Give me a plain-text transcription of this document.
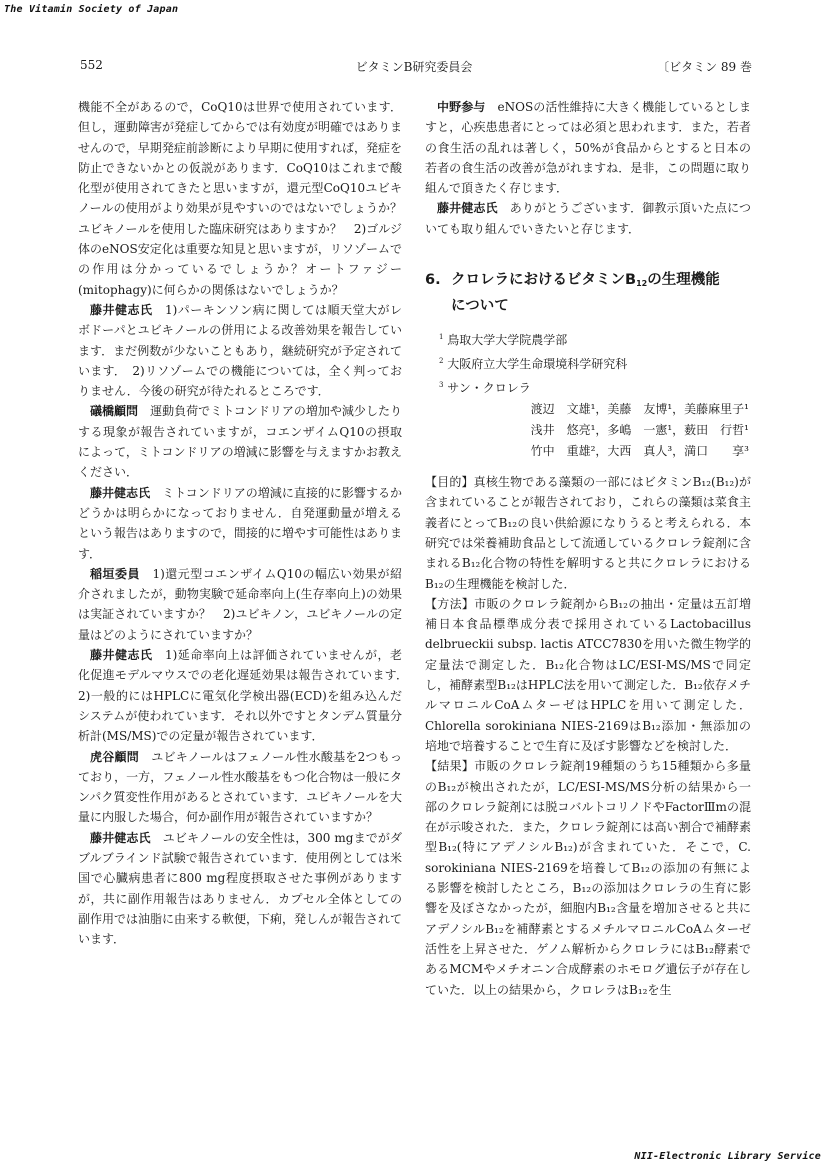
The Vitamin Society of Japan
552	ビタミンB研究委員会	〔ビタミン 89 巻

機能不全があるので，CoQ10は世界で使用されています．但し，運動障害が発症してからでは有効度が明確ではありませんので，早期発症前診断により早期に使用すれば，発症を防止できないかとの仮説があります．CoQ10はこれまで酸化型が使用されてきたと思いますが，還元型CoQ10ユビキノールの使用がより効果が見やすいのではないでしょうか？ユビキノールを使用した臨床研究はありますか？　2)ゴルジ体のeNOS安定化は重要な知見と思いますが，リソゾームでの作用は分かっているでしょうか？オートファジー(mitophagy)に何らかの関係はないでしょうか？

藤井健志氏　 1)パーキンソン病に関しては順天堂大がレボドーパとユビキノールの併用による改善効果を報告しています．まだ例数が少ないこともあり，継続研究が予定されています．　2)リソゾームでの機能については，全く判っておりません．今後の研究が待たれるところです．

礒橋顧問　 運動負荷でミトコンドリアの増加や減少したりする現象が報告されていますが，コエンザイムQ10の摂取によって，ミトコンドリアの増減に影響を与えますかお教えください．

藤井健志氏　 ミトコンドリアの増減に直接的に影響するかどうかは明らかになっておりません．自発運動量が増えるという報告はありますので，間接的に増やす可能性はあります．

稲垣委員　 1)還元型コエンザイムQ10の幅広い効果が紹介されましたが，動物実験で延命率向上(生存率向上)の効果は実証されていますか？　2)ユビキノン，ユビキノールの定量はどのようにされていますか？

藤井健志氏　 1)延命率向上は評価されていませんが，老化促進モデルマウスでの老化遅延効果は報告されています．　2)一般的にはHPLCに電気化学検出器(ECD)を組み込んだシステムが使われています．それ以外ですとタンデム質量分析計(MS/MS)での定量が報告されています．

虎谷顧問　 ユビキノールはフェノール性水酸基を2つもっており，一方，フェノール性水酸基をもつ化合物は一般にタンパク質変性作用があるとされています．ユビキノールを大量に内服した場合，何か副作用が報告されていますか？

藤井健志氏　 ユビキノールの安全性は，300 mgまでがダブルブラインド試験で報告されています．使用例としては米国で心臓病患者に800 mg程度摂取させた事例がありますが，共に副作用報告はありません．カプセル全体としての副作用では油脂に由来する軟便，下痢，発しんが報告されています．

中野参与　 eNOSの活性維持に大きく機能しているとしますと，心疾患患者にとっては必須と思われます．また，若者の食生活の乱れは著しく，50%が食品からとすると日本の若者の食生活の改善が急がれますね．是非，この問題に取り組んで頂きたく存じます．

藤井健志氏　 ありがとうございます．御教示頂いた点についても取り組んでいきたいと存じます．

6. クロレラにおけるビタミン$B_{12}$の生理機能
について
$^1$ 鳥取大学大学院農学部
$^2$ 大阪府立大学生命環境科学研究科
$^3$ サン・クロレラ
渡辺　文雄¹，美藤　友博¹，美藤麻里子¹
浅井　悠亮¹，多嶋　一憲¹，薮田　行哲¹
竹中　重雄²，大西　真人³，満口　　享³

【目的】真核生物である藻類の一部にはビタミンB₁₂(B₁₂)が含まれていることが報告されており，これらの藻類は菜食主義者にとってB₁₂の良い供給源になりうると考えられる．本研究では栄養補助食品として流通しているクロレラ錠剤に含まれるB₁₂化合物の特性を解明すると共にクロレラにおけるB₁₂の生理機能を検討した．

【方法】市販のクロレラ錠剤からB₁₂の抽出・定量は五訂増補日本食品標準成分表で採用されているLactobacillus delbrueckii subsp. lactis ATCC7830を用いた微生物学的定量法で測定した．B₁₂化合物はLC/ESI-MS/MSで同定し，補酵素型B₁₂はHPLC法を用いて測定した．B₁₂依存メチルマロニルCoAムターゼはHPLCを用いて測定した．Chlorella sorokiniana NIES-2169はB₁₂添加・無添加の培地で培養することで生育に及ぼす影響などを検討した．

【結果】市販のクロレラ錠剤19種類のうち15種類から多量のB₁₂が検出されたが，LC/ESI-MS/MS分析の結果から一部のクロレラ錠剤には脱コバルトコリノドやFactorⅢmの混在が示唆された．また，クロレラ錠剤には高い割合で補酵素型B₁₂(特にアデノシルB₁₂)が含まれていた．そこで，C. sorokiniana NIES-2169を培養してB₁₂の添加の有無による影響を検討したところ，B₁₂の添加はクロレラの生育に影響を及ぼさなかったが，細胞内B₁₂含量を増加させると共にアデノシルB₁₂を補酵素とするメチルマロニルCoAムターゼ活性を上昇させた．ゲノム解析からクロレラにはB₁₂酵素であるMCMやメチオニン合成酵素のホモログ遺伝子が存在していた．以上の結果から，クロレラはB₁₂を生

NII-Electronic Library Service
